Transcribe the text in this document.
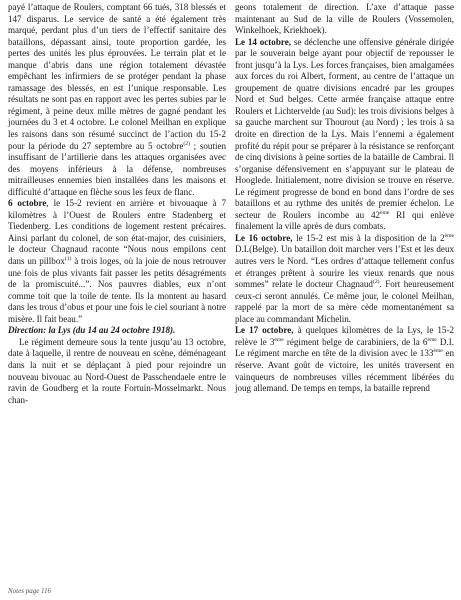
payé l’attaque de Roulers, comptant 66 tués, 318 blessés et 147 disparus. Le service de santé a été également très marqué, perdant plus d’un tiers de l’effectif sanitaire des bataillons, dépassant ainsi, toute proportion gardée, les pertes des unités les plus éprouvées. Le terrain plat et le manque d’abris dans une région totalement dévastée empêchant les infirmiers de se protéger pendant la phase ramassage des blessés, en est l’unique responsable. Les résultats ne sont pas en rapport avec les pertes subies par le régiment, à peine deux mille mètres de gagné pendant les journées du 3 et 4 octobre. Le colonel Meilhan en explique les raisons dans son résumé succinct de l’action du 15-2 pour la période du 27 septembre au 5 octobre$^{(2)}$ ; soutien insuffisant de l’artillerie dans les attaques organisées avec des moyens inférieurs à la défense, nombreuses mitrailleuses ennemies bien installées dans les maisons et difficulté d’attaque en flèche sous les feux de flanc.

6 octobre, le 15-2 revient en arrière et bivouaque à 7 kilomètres à l’Ouest de Roulers entre Stadenberg et Tiedenberg. Les conditions de logement restent précaires. Ainsi parlant du colonel, de son état-major, des cuisiniers, le docteur Chagnaud raconte “Nous nous empilons cent dans un pillbox$^{(1)}$ à trois loges, où la joie de nous retrouver une fois de plus vivants fait passer les petits désagréments de la promiscuité...”. Nos pauvres diables, eux n’ont comme toit que la toile de tente. Ils la montent au hasard dans les trous d’obus et pour une fois le ciel souriant à notre misère. Il fait beau.”

Direction: la Lys (du 14 au 24 octobre 1918).

Le régiment demeure sous la tente jusqu’au 13 octobre, date à laquelle, il rentre de nouveau en scène, déménageant dans la nuit et se déplaçant à pied pour rejoindre un nouveau bivouac au Nord-Ouest de Passchendaele entre le ravin de Goudberg et la route Fortuin-Mosselmarkt. Nous chan-

geons totalement de direction. L’axe d’attaque passe maintenant au Sud de la ville de Roulers (Vossemolen, Winkelhoek, Kriekhoek).

Le 14 octobre, se déclenche une offensive générale dirigée par le souverain belge ayant pour objectif de repousser le front jusqu’à la Lys. Les forces françaises, bien amalgamées aux forces du roi Albert, forment, au centre de l’attaque un groupement de quatre divisions encadré par les groupes Nord et Sud belges. Cette armée française attaque entre Roulers et Lichtervelde (au Sud): les trois divisions belges à sa gauche marchent sur Thourout (au Nord) ; les trois à sa droite en direction de la Lys. Mais l’ennemi a également profité du répit pour se préparer à la résistance se renforçant de cinq divisions à peine sorties de la bataille de Cambrai. Il s’organise défensivement en s’appuyant sur le plateau de Hooglede. Initialement, notre division se trouve en réserve. Le régiment progresse de bond en bond dans l’ordre de ses bataillons et au rythme des unités de premier échelon. Le secteur de Roulers incombe au 42ème RI qui enlève finalement la ville après de durs combats.

Le 16 octobre, le 15-2 est mis à la disposition de la 2ème D.I.(Belge). Un bataillon doit marcher vers l’Est et les deux autres vers le Nord. “Les ordres d’attaque tellement confus et étranges prêtent à sourire les vieux renards que nous sommes” relate le docteur Chagnaud$^{(2)}$. Fort heureusement ceux-ci seront annulés. Ce même jour, le colonel Meilhan, rappelé par la mort de sa mère cède momentanément sa place au commandant Michelin.

Le 17 octobre, à quelques kilomètres de la Lys, le 15-2 relève le 3ème régiment belge de carabiniers, de la 6ème D.I. Le régiment marche en tête de la division avec le 133ème en réserve. Avant goût de victoire, les unités traversent en vainqueurs de nombreuses villes récemment libérées du joug allemand. De temps en temps, la bataille reprend

Notes page 116
